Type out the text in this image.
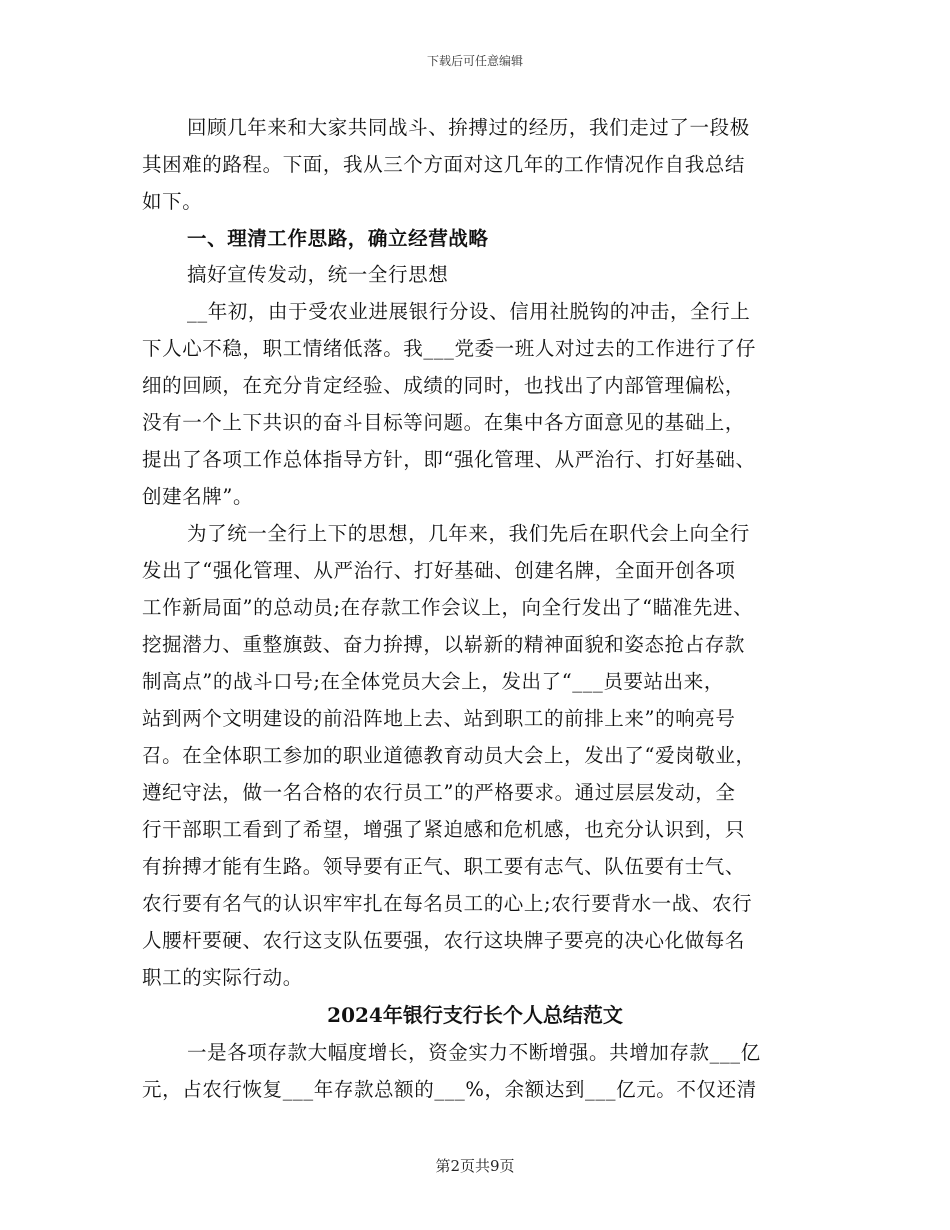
下载后可任意编辑
回顾几年来和大家共同战斗、拚搏过的经历，我们走过了一段极
其困难的路程。下面，我从三个方面对这几年的工作情况作自我总结
如下。
一、理清工作思路，确立经营战略
搞好宣传发动，统一全行思想
__年初，由于受农业进展银行分设、信用社脱钩的冲击，全行上
下人心不稳，职工情绪低落。我___党委一班人对过去的工作进行了仔
细的回顾，在充分肯定经验、成绩的同时，也找出了内部管理偏松，
没有一个上下共识的奋斗目标等问题。在集中各方面意见的基础上，
提出了各项工作总体指导方针，即“强化管理、从严治行、打好基础、
创建名牌”。
为了统一全行上下的思想，几年来，我们先后在职代会上向全行
发出了“强化管理、从严治行、打好基础、创建名牌，全面开创各项
工作新局面”的总动员;在存款工作会议上，向全行发出了“瞄准先进、
挖掘潜力、重整旗鼓、奋力拚搏，以崭新的精神面貌和姿态抢占存款
制高点”的战斗口号;在全体党员大会上，发出了“___员要站出来，
站到两个文明建设的前沿阵地上去、站到职工的前排上来”的响亮号
召。在全体职工参加的职业道德教育动员大会上，发出了“爱岗敬业，
遵纪守法，做一名合格的农行员工”的严格要求。通过层层发动，全
行干部职工看到了希望，增强了紧迫感和危机感，也充分认识到，只
有拚搏才能有生路。领导要有正气、职工要有志气、队伍要有士气、
农行要有名气的认识牢牢扎在每名员工的心上;农行要背水一战、农行
人腰杆要硬、农行这支队伍要强，农行这块牌子要亮的决心化做每名
职工的实际行动。
2024年银行支行长个人总结范文
一是各项存款大幅度增长，资金实力不断增强。共增加存款___亿
元，占农行恢复___年存款总额的___%，余额达到___亿元。不仅还清
第2页共9页
